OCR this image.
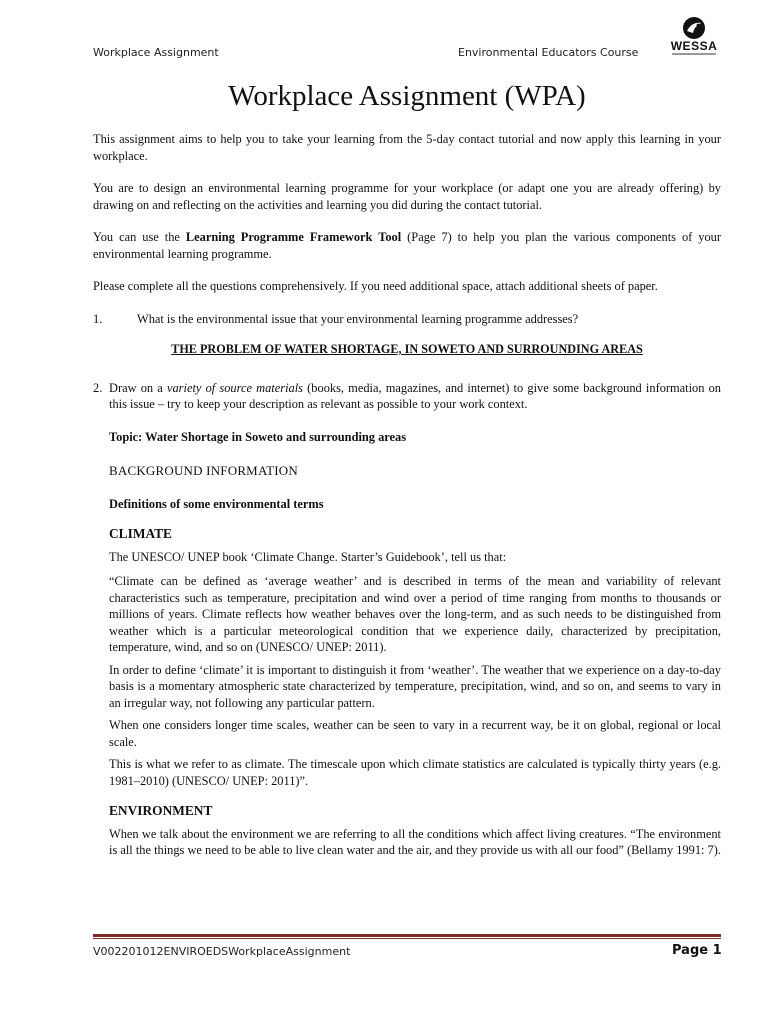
Workplace Assignment	Environmental Educators Course	WESSA
Workplace Assignment (WPA)

This assignment aims to help you to take your learning from the 5-day contact tutorial and now apply this learning in your workplace.

You are to design an environmental learning programme for your workplace (or adapt one you are already offering) by drawing on and reflecting on the activities and learning you did during the contact tutorial.

You can use the Learning Programme Framework Tool (Page 7) to help you plan the various components of your environmental learning programme.

Please complete all the questions comprehensively. If you need additional space, attach additional sheets of paper.

1.	What is the environmental issue that your environmental learning programme addresses?
THE PROBLEM OF WATER SHORTAGE, IN SOWETO AND SURROUNDING AREAS
2. Draw on a variety of source materials (books, media, magazines, and internet) to give some background information on this issue – try to keep your description as relevant as possible to your work context.
Topic: Water Shortage in Soweto and surrounding areas
BACKGROUND INFORMATION
Definitions of some environmental terms
CLIMATE

The UNESCO/ UNEP book ‘Climate Change. Starter’s Guidebook’, tell us that:

“Climate can be defined as ‘average weather’ and is described in terms of the mean and variability of relevant characteristics such as temperature, precipitation and wind over a period of time ranging from months to thousands or millions of years. Climate reflects how weather behaves over the long-term, and as such needs to be distinguished from weather which is a particular meteorological condition that we experience daily, characterized by precipitation, temperature, wind, and so on (UNESCO/ UNEP: 2011).

In order to define ‘climate’ it is important to distinguish it from ‘weather’. The weather that we experience on a day-to-day basis is a momentary atmospheric state characterized by temperature, precipitation, wind, and so on, and seems to vary in an irregular way, not following any particular pattern.

When one considers longer time scales, weather can be seen to vary in a recurrent way, be it on global, regional or local scale.

This is what we refer to as climate. The timescale upon which climate statistics are calculated is typically thirty years (e.g. 1981–2010) (UNESCO/ UNEP: 2011)”.

ENVIRONMENT

When we talk about the environment we are referring to all the conditions which affect living creatures. “The environment is all the things we need to be able to live clean water and the air, and they provide us with all our food” (Bellamy 1991: 7).

V002201012ENVIROEDSWorkplaceAssignment	Page 1
